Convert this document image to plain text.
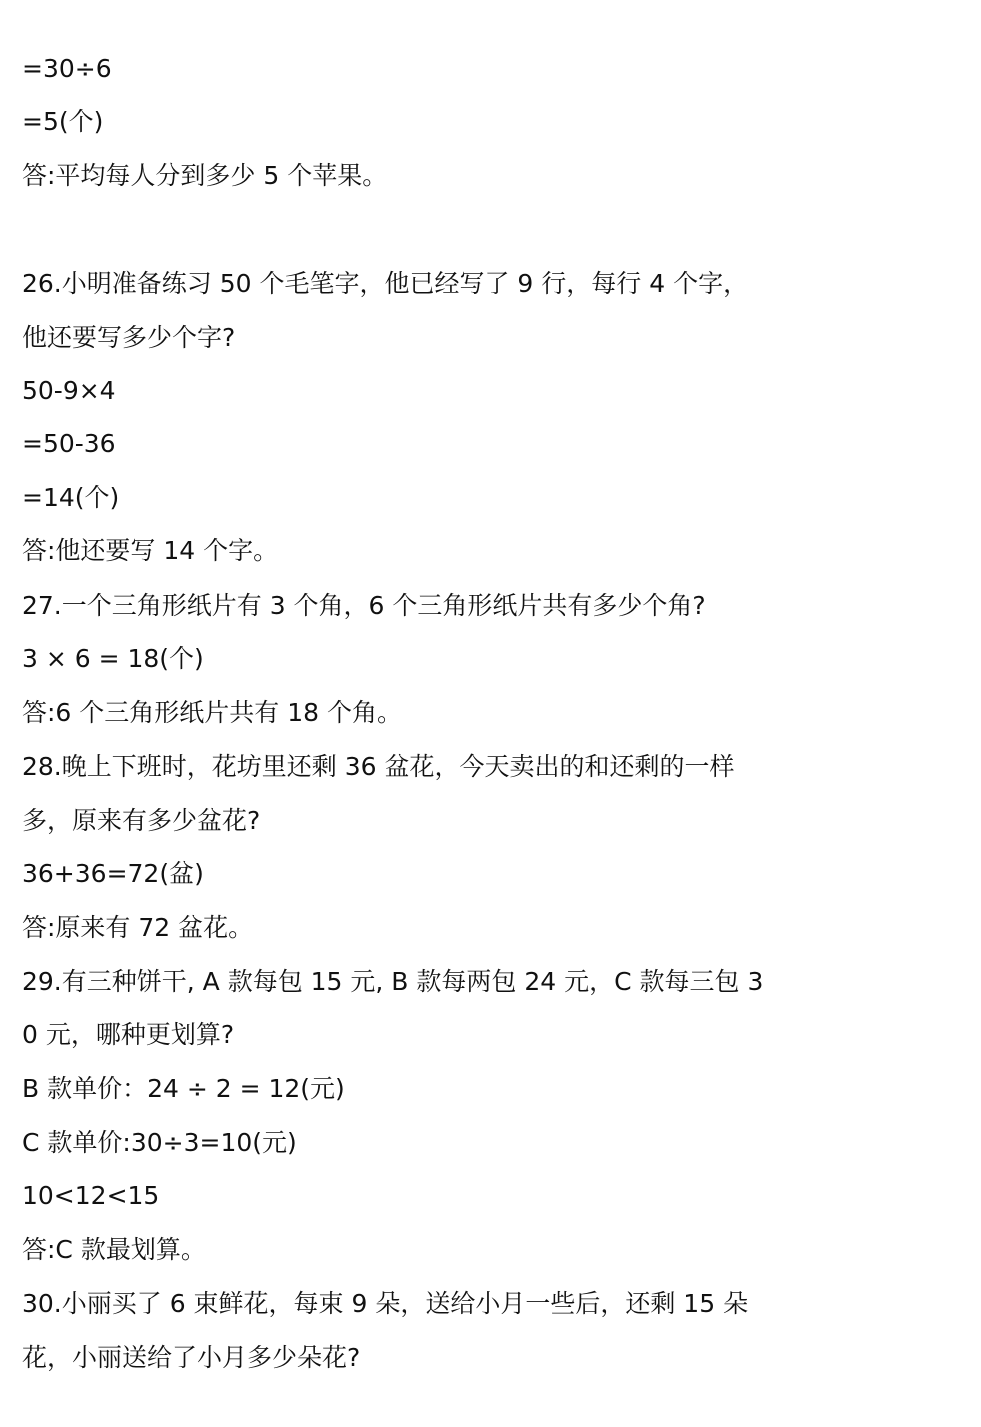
=30÷6
=5(个)
答:平均每人分到多少 5 个苹果。
26.小明准备练习 50 个毛笔字，他已经写了 9 行，每行 4 个字，
他还要写多少个字?
50-9×4
=50-36
=14(个)
答:他还要写 14 个字。
27.一个三角形纸片有 3 个角，6 个三角形纸片共有多少个角?
3 × 6 = 18(个)
答:6 个三角形纸片共有 18 个角。
28.晚上下班时，花坊里还剩 36 盆花，今天卖出的和还剩的一样
多，原来有多少盆花?
36+36=72(盆)
答:原来有 72 盆花。
29.有三种饼干, A 款每包 15 元, B 款每两包 24 元，C 款每三包 3
0 元，哪种更划算?
B 款单价：24 ÷ 2 = 12(元)
C 款单价:30÷3=10(元)
10<12<15
答:C 款最划算。
30.小丽买了 6 束鲜花，每束 9 朵，送给小月一些后，还剩 15 朵
花，小丽送给了小月多少朵花?
